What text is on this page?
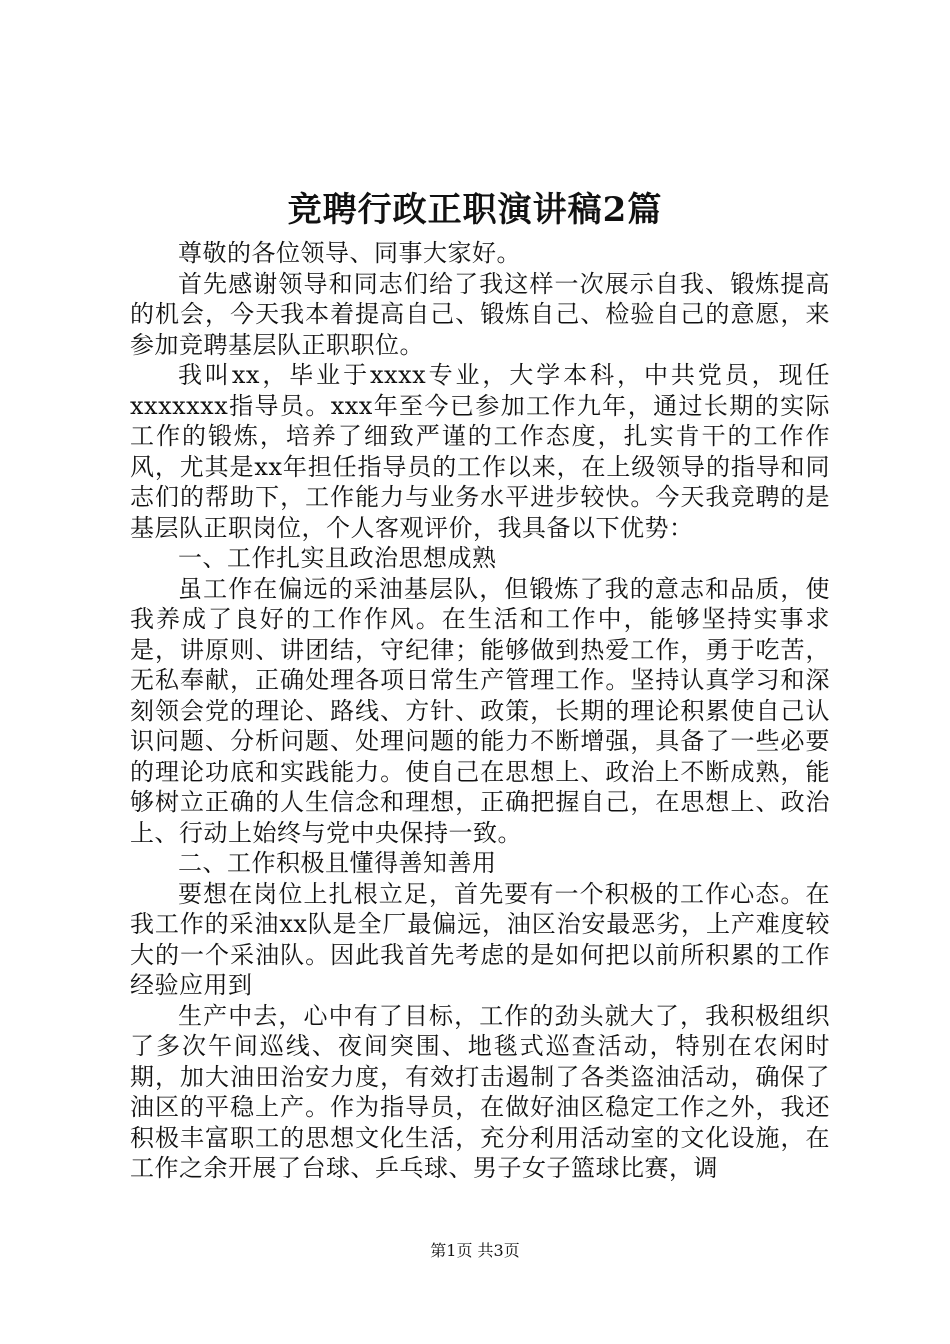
竞聘行政正职演讲稿2篇

尊敬的各位领导、同事大家好。

首先感谢领导和同志们给了我这样一次展示自我、锻炼提高的机会，今天我本着提高自己、锻炼自己、检验自己的意愿，来参加竞聘基层队正职职位。

我叫xx，毕业于xxxx专业，大学本科，中共党员，现任xxxxxxx指导员。xxx年至今已参加工作九年，通过长期的实际工作的锻炼，培养了细致严谨的工作态度，扎实肯干的工作作风，尤其是xx年担任指导员的工作以来，在上级领导的指导和同志们的帮助下，工作能力与业务水平进步较快。今天我竞聘的是基层队正职岗位，个人客观评价，我具备以下优势：

一、工作扎实且政治思想成熟

虽工作在偏远的采油基层队，但锻炼了我的意志和品质，使我养成了良好的工作作风。在生活和工作中，能够坚持实事求是，讲原则、讲团结，守纪律；能够做到热爱工作，勇于吃苦，无私奉献，正确处理各项日常生产管理工作。坚持认真学习和深刻领会党的理论、路线、方针、政策，长期的理论积累使自己认识问题、分析问题、处理问题的能力不断增强，具备了一些必要的理论功底和实践能力。使自己在思想上、政治上不断成熟，能够树立正确的人生信念和理想，正确把握自己，在思想上、政治上、行动上始终与党中央保持一致。

二、工作积极且懂得善知善用

要想在岗位上扎根立足，首先要有一个积极的工作心态。在我工作的采油xx队是全厂最偏远，油区治安最恶劣，上产难度较大的一个采油队。因此我首先考虑的是如何把以前所积累的工作经验应用到

生产中去，心中有了目标，工作的劲头就大了，我积极组织了多次午间巡线、夜间突围、地毯式巡查活动，特别在农闲时期，加大油田治安力度，有效打击遏制了各类盗油活动，确保了油区的平稳上产。作为指导员，在做好油区稳定工作之外，我还积极丰富职工的思想文化生活，充分利用活动室的文化设施，在工作之余开展了台球、乒乓球、男子女子篮球比赛，调

第1页 共3页
